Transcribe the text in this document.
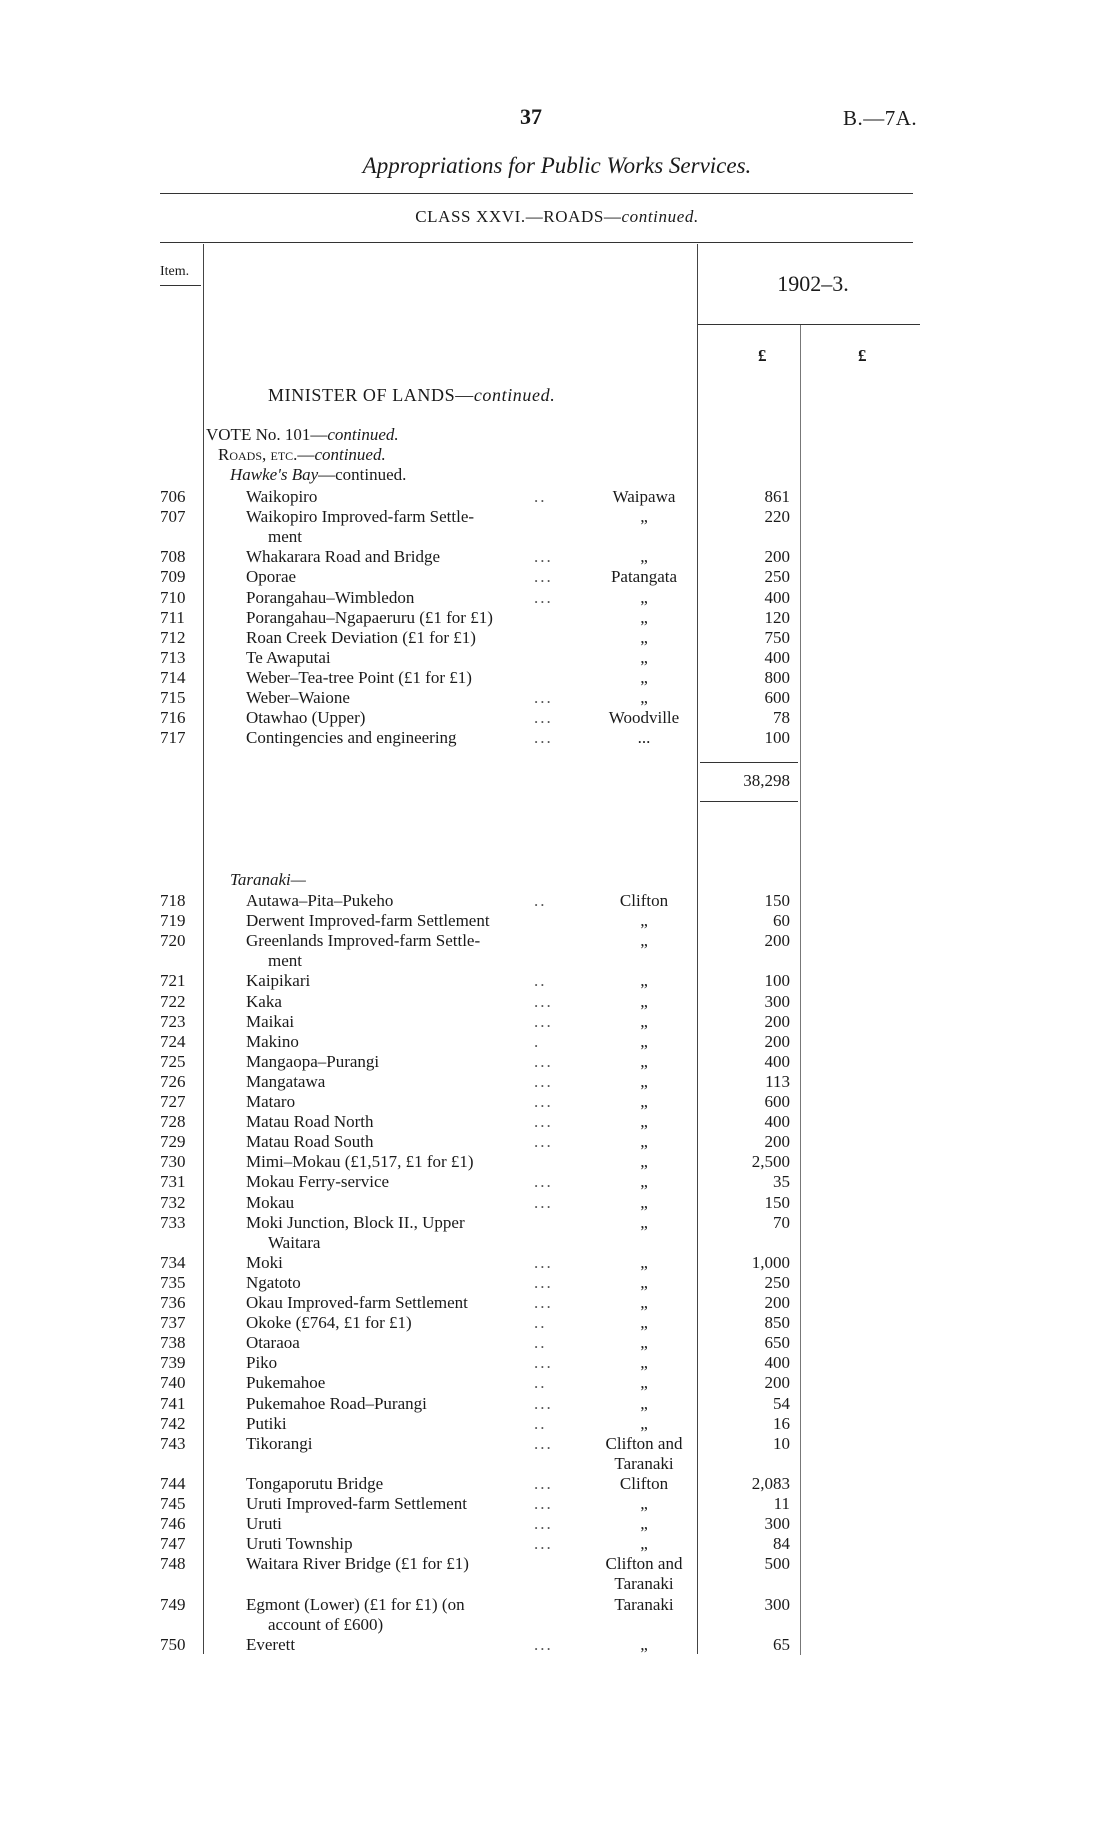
37	B.—7A.
Appropriations for Public Works Services.
CLASS XXVI.—ROADS—continued.
Item.	1902–3.
£	£
MINISTER OF LANDS—continued.
VOTE No. 101—continued.
Roads, etc.—continued.
Hawke's Bay—continued.
706	Waikopiro	..	Waipawa	861
707	Waikopiro Improved-farm Settle-	„	220
ment
708	Whakarara Road and Bridge	...	„	200
709	Oporae	...	Patangata	250
710	Porangahau–Wimbledon	...	„	400
711	Porangahau–Ngapaeruru (£1 for £1)	„	120
712	Roan Creek Deviation (£1 for £1)	„	750
713	Te Awaputai	„	400
714	Weber–Tea-tree Point (£1 for £1)	„	800
715	Weber–Waione	...	„	600
716	Otawhao (Upper)	...	Woodville	78
717	Contingencies and engineering	...	...	100
38,298
Taranaki—
718	Autawa–Pita–Pukeho	..	Clifton	150
719	Derwent Improved-farm Settlement	„	60
720	Greenlands Improved-farm Settle-	„	200
ment
721	Kaipikari	..	„	100
722	Kaka	...	„	300
723	Maikai	...	„	200
724	Makino	.	„	200
725	Mangaopa–Purangi	...	„	400
726	Mangatawa	...	„	113
727	Mataro	...	„	600
728	Matau Road North	...	„	400
729	Matau Road South	...	„	200
730	Mimi–Mokau (£1,517, £1 for £1)	„	2,500
731	Mokau Ferry-service	...	„	35
732	Mokau	...	„	150
733	Moki Junction, Block II., Upper	„	70
Waitara
734	Moki	...	„	1,000
735	Ngatoto	...	„	250
736	Okau Improved-farm Settlement	...	„	200
737	Okoke (£764, £1 for £1)	..	„	850
738	Otaraoa	..	„	650
739	Piko	...	„	400
740	Pukemahoe	..	„	200
741	Pukemahoe Road–Purangi	...	„	54
742	Putiki	..	„	16
743	Tikorangi	...	Clifton and	10
Taranaki
744	Tongaporutu Bridge	...	Clifton	2,083
745	Uruti Improved-farm Settlement	...	„	11
746	Uruti	...	„	300
747	Uruti Township	...	„	84
748	Waitara River Bridge (£1 for £1)	Clifton and	500
Taranaki
749	Egmont (Lower) (£1 for £1) (on	Taranaki	300
account of £600)
750	Everett	...	„	65
